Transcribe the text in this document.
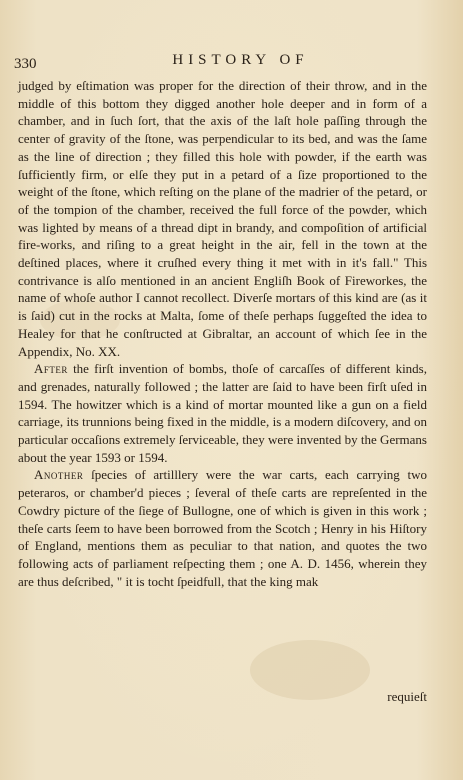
330	HISTORY OF

judged by eſtimation was proper for the direction of their throw, and in the middle of this bottom they digged another hole deeper and in form of a chamber, and in ſuch ſort, that the axis of the laſt hole paſſing through the center of gravity of the ſtone, was perpendicular to its bed, and was the ſame as the line of direction ; they filled this hole with powder, if the earth was ſufficiently firm, or elſe they put in a petard of a ſize proportioned to the weight of the ſtone, which reſting on the plane of the madrier of the petard, or of the tompion of the chamber, received the full force of the powder, which was lighted by means of a thread dipt in brandy, and compoſition of artificial fire-works, and riſing to a great height in the air, fell in the town at the deſtined places, where it cruſhed every thing it met with in it's fall." This contrivance is alſo mentioned in an ancient Engliſh Book of Fireworkes, the name of whoſe author I cannot recollect. Diverſe mortars of this kind are (as it is ſaid) cut in the rocks at Malta, ſome of theſe perhaps ſuggeſted the idea to Healey for that he conſtructed at Gibraltar, an account of which ſee in the Appendix, No. XX.

After the firſt invention of bombs, thoſe of carcaſſes of different kinds, and grenades, naturally followed ; the latter are ſaid to have been firſt uſed in 1594. The howitzer which is a kind of mortar mounted like a gun on a field carriage, its trunnions being fixed in the middle, is a modern diſcovery, and on particular occaſions extremely ſerviceable, they were invented by the Germans about the year 1593 or 1594.

Another ſpecies of artilllery were the war carts, each carrying two peteraros, or chamber'd pieces ; ſeveral of theſe carts are repreſented in the Cowdry picture of the ſiege of Bullogne, one of which is given in this work ; theſe carts ſeem to have been borrowed from the Scotch ; Henry in his Hiſtory of England, mentions them as peculiar to that nation, and quotes the two following acts of parliament reſpecting them ; one A. D. 1456, wherein they are thus deſcribed, " it is tocht ſpeidfull, that the king mak

requieſt
